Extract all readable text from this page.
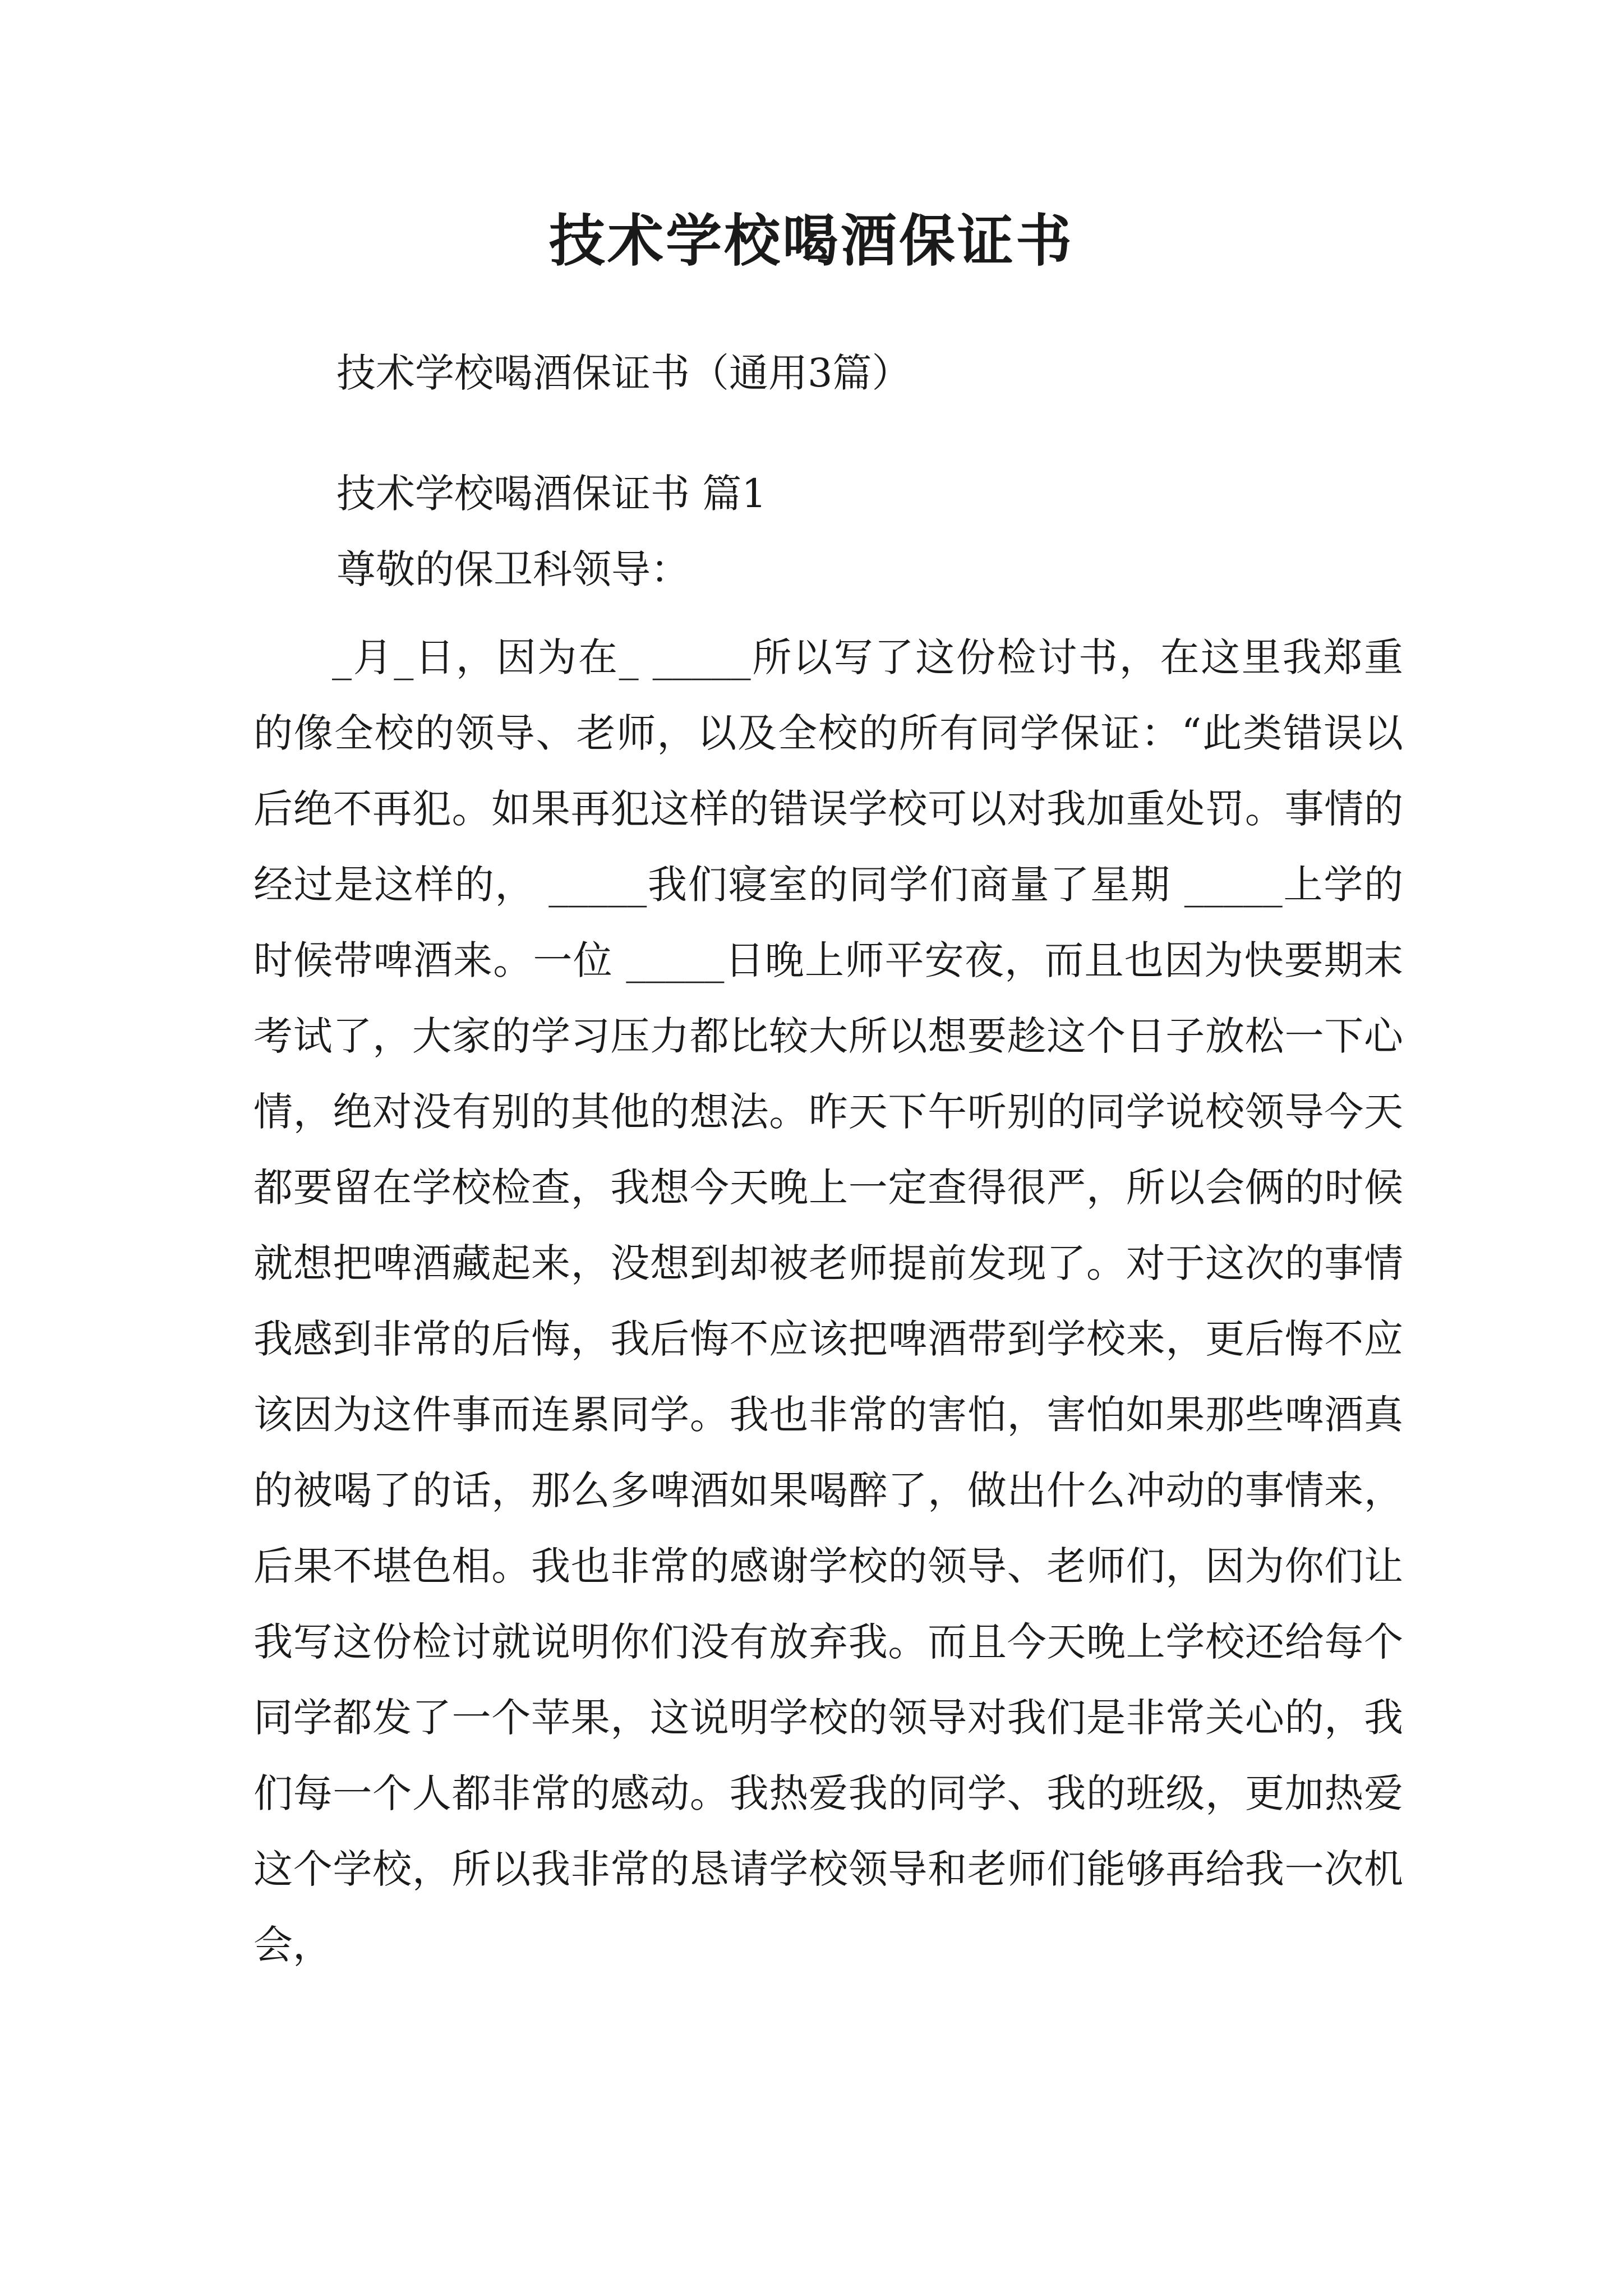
技术学校喝酒保证书

技术学校喝酒保证书（通用3篇）

技术学校喝酒保证书 篇1

尊敬的保卫科领导：

_月_日，因为在_ _____所以写了这份检讨书，在这里我郑重的像全校的领导、老师，以及全校的所有同学保证：“此类错误以后绝不再犯。如果再犯这样的错误学校可以对我加重处罚。事情的经过是这样的， _____我们寝室的同学们商量了星期 _____上学的时候带啤酒来。一位 _____日晚上师平安夜，而且也因为快要期末考试了，大家的学习压力都比较大所以想要趁这个日子放松一下心情，绝对没有别的其他的想法。昨天下午听别的同学说校领导今天都要留在学校检查，我想今天晚上一定查得很严，所以会俩的时候就想把啤酒藏起来，没想到却被老师提前发现了。对于这次的事情我感到非常的后悔，我后悔不应该把啤酒带到学校来，更后悔不应该因为这件事而连累同学。我也非常的害怕，害怕如果那些啤酒真的被喝了的话，那么多啤酒如果喝醉了，做出什么冲动的事情来，后果不堪色相。我也非常的感谢学校的领导、老师们，因为你们让我写这份检讨就说明你们没有放弃我。而且今天晚上学校还给每个同学都发了一个苹果，这说明学校的领导对我们是非常关心的，我们每一个人都非常的感动。我热爱我的同学、我的班级，更加热爱这个学校，所以我非常的恳请学校领导和老师们能够再给我一次机会，
